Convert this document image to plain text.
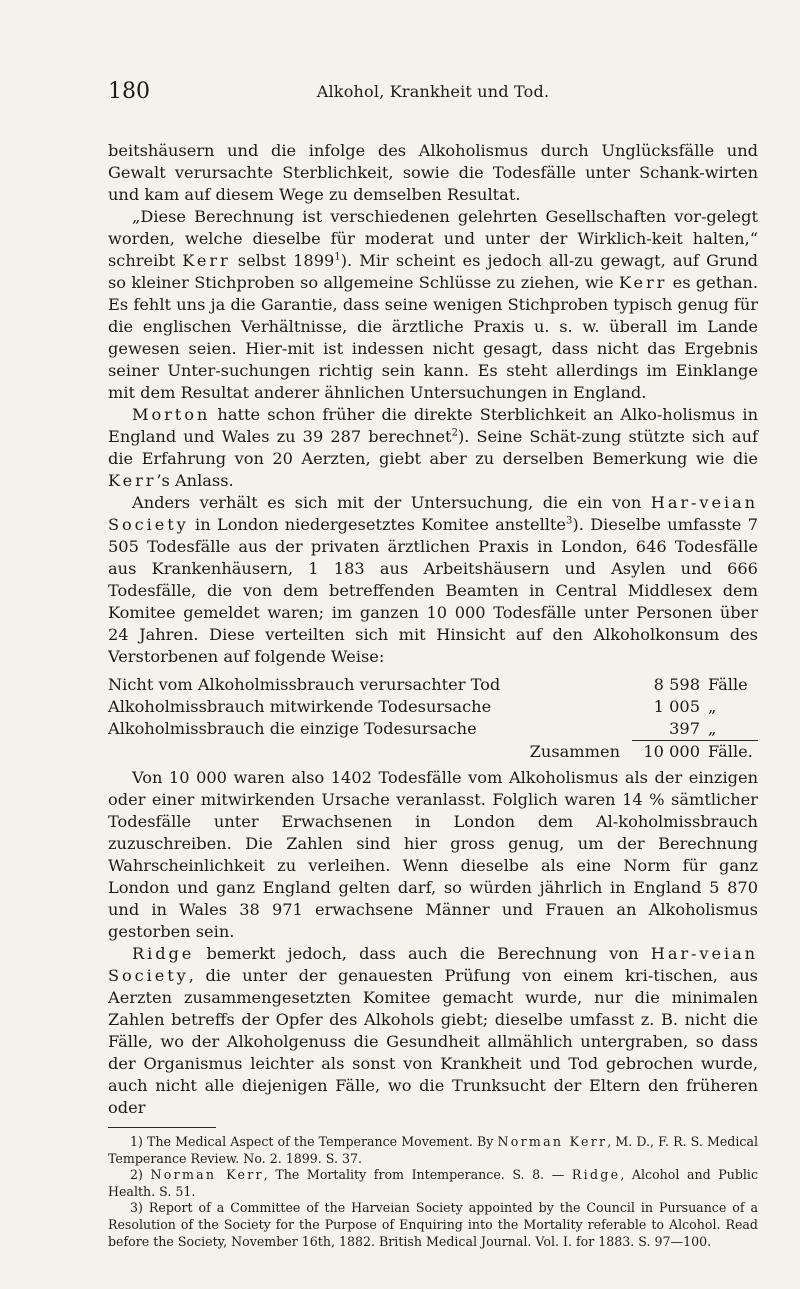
180	Alkohol, Krankheit und Tod.

beitshäusern und die infolge des Alkoholismus durch Unglücksfälle und Gewalt verursachte Sterblichkeit, sowie die Todesfälle unter Schank-wirten und kam auf diesem Wege zu demselben Resultat.

„Diese Berechnung ist verschiedenen gelehrten Gesellschaften vor-gelegt worden, welche dieselbe für moderat und unter der Wirklich-keit halten,“ schreibt Kerr selbst 1899$^1$). Mir scheint es jedoch all-zu gewagt, auf Grund so kleiner Stichproben so allgemeine Schlüsse zu ziehen, wie Kerr es gethan. Es fehlt uns ja die Garantie, dass seine wenigen Stichproben typisch genug für die englischen Verhältnisse, die ärztliche Praxis u. s. w. überall im Lande gewesen seien. Hier-mit ist indessen nicht gesagt, dass nicht das Ergebnis seiner Unter-suchungen richtig sein kann. Es steht allerdings im Einklange mit dem Resultat anderer ähnlichen Untersuchungen in England.

Morton hatte schon früher die direkte Sterblichkeit an Alko-holismus in England und Wales zu 39 287 berechnet$^2$). Seine Schät-zung stützte sich auf die Erfahrung von 20 Aerzten, giebt aber zu derselben Bemerkung wie die Kerr’s Anlass.

Anders verhält es sich mit der Untersuchung, die ein von Har-veian Society in London niedergesetztes Komitee anstellte$^3$). Dieselbe umfasste 7 505 Todesfälle aus der privaten ärztlichen Praxis in London, 646 Todesfälle aus Krankenhäusern, 1 183 aus Arbeitshäusern und Asylen und 666 Todesfälle, die von dem betreffenden Beamten in Central Middlesex dem Komitee gemeldet waren; im ganzen 10 000 Todesfälle unter Personen über 24 Jahren. Diese verteilten sich mit Hinsicht auf den Alkoholkonsum des Verstorbenen auf folgende Weise:

Nicht vom Alkoholmissbrauch verursachter Tod	8 598 Fälle
Alkoholmissbrauch mitwirkende Todesursache	1 005 „
Alkoholmissbrauch die einzige Todesursache	397 „
Zusammen	10 000 Fälle.

Von 10 000 waren also 1402 Todesfälle vom Alkoholismus als der einzigen oder einer mitwirkenden Ursache veranlasst. Folglich waren 14 % sämtlicher Todesfälle unter Erwachsenen in London dem Al-koholmissbrauch zuzuschreiben. Die Zahlen sind hier gross genug, um der Berechnung Wahrscheinlichkeit zu verleihen. Wenn dieselbe als eine Norm für ganz London und ganz England gelten darf, so würden jährlich in England 5 870 und in Wales 38 971 erwachsene Männer und Frauen an Alkoholismus gestorben sein.

Ridge bemerkt jedoch, dass auch die Berechnung von Har-veian Society, die unter der genauesten Prüfung von einem kri-tischen, aus Aerzten zusammengesetzten Komitee gemacht wurde, nur die minimalen Zahlen betreffs der Opfer des Alkohols giebt; dieselbe umfasst z. B. nicht die Fälle, wo der Alkoholgenuss die Gesundheit allmählich untergraben, so dass der Organismus leichter als sonst von Krankheit und Tod gebrochen wurde, auch nicht alle diejenigen Fälle, wo die Trunksucht der Eltern den früheren oder

1) The Medical Aspect of the Temperance Movement. By Norman Kerr, M. D., F. R. S. Medical Temperance Review. No. 2. 1899. S. 37.

2) Norman Kerr, The Mortality from Intemperance. S. 8. — Ridge, Alcohol and Public Health. S. 51.

3) Report of a Committee of the Harveian Society appointed by the Council in Pursuance of a Resolution of the Society for the Purpose of Enquiring into the Mortality referable to Alcohol. Read before the Society, November 16th, 1882. British Medical Journal. Vol. I. for 1883. S. 97—100.
